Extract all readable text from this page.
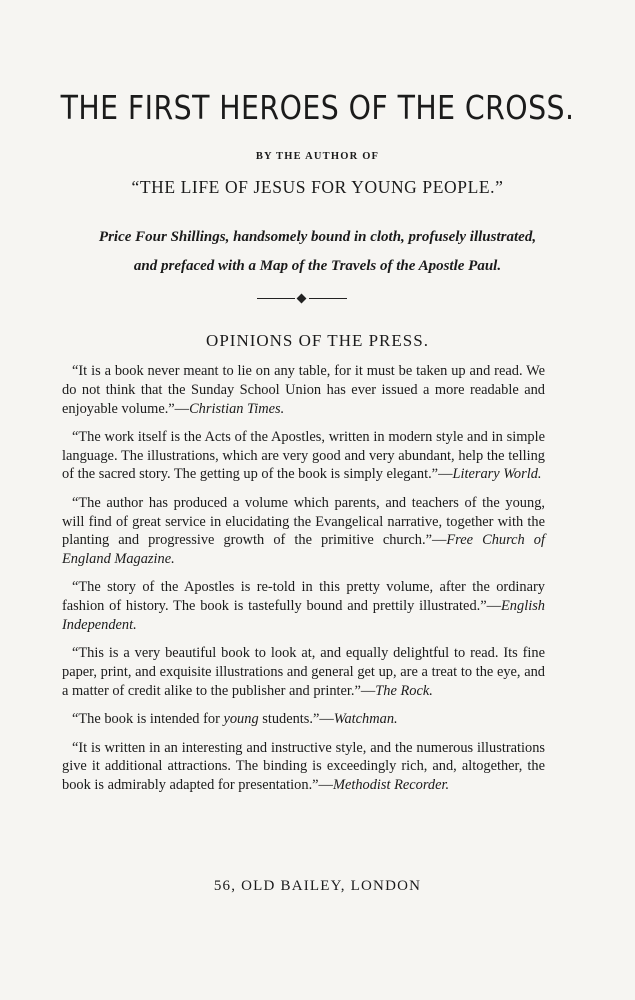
THE FIRST HEROES OF THE CROSS.
BY THE AUTHOR OF
“THE LIFE OF JESUS FOR YOUNG PEOPLE.”
Price Four Shillings, handsomely bound in cloth, profusely illustrated,
and prefaced with a Map of the Travels of the Apostle Paul.
OPINIONS OF THE PRESS.

“It is a book never meant to lie on any table, for it must be taken up and read. We do not think that the Sunday School Union has ever issued a more readable and enjoyable volume.”—Christian Times.

“The work itself is the Acts of the Apostles, written in modern style and in simple language. The illustrations, which are very good and very abundant, help the telling of the sacred story. The getting up of the book is simply elegant.”—Literary World.

“The author has produced a volume which parents, and teachers of the young, will find of great service in elucidating the Evangelical narrative, together with the planting and progressive growth of the primitive church.”—Free Church of England Magazine.

“The story of the Apostles is re-told in this pretty volume, after the ordinary fashion of history. The book is tastefully bound and prettily illustrated.”—English Independent.

“This is a very beautiful book to look at, and equally delightful to read. Its fine paper, print, and exquisite illustrations and general get up, are a treat to the eye, and a matter of credit alike to the publisher and printer.”—The Rock.

“The book is intended for young students.”—Watchman.

“It is written in an interesting and instructive style, and the numerous illustrations give it additional attractions. The binding is exceedingly rich, and, altogether, the book is admirably adapted for presentation.”—Methodist Recorder.

56, OLD BAILEY, LONDON
